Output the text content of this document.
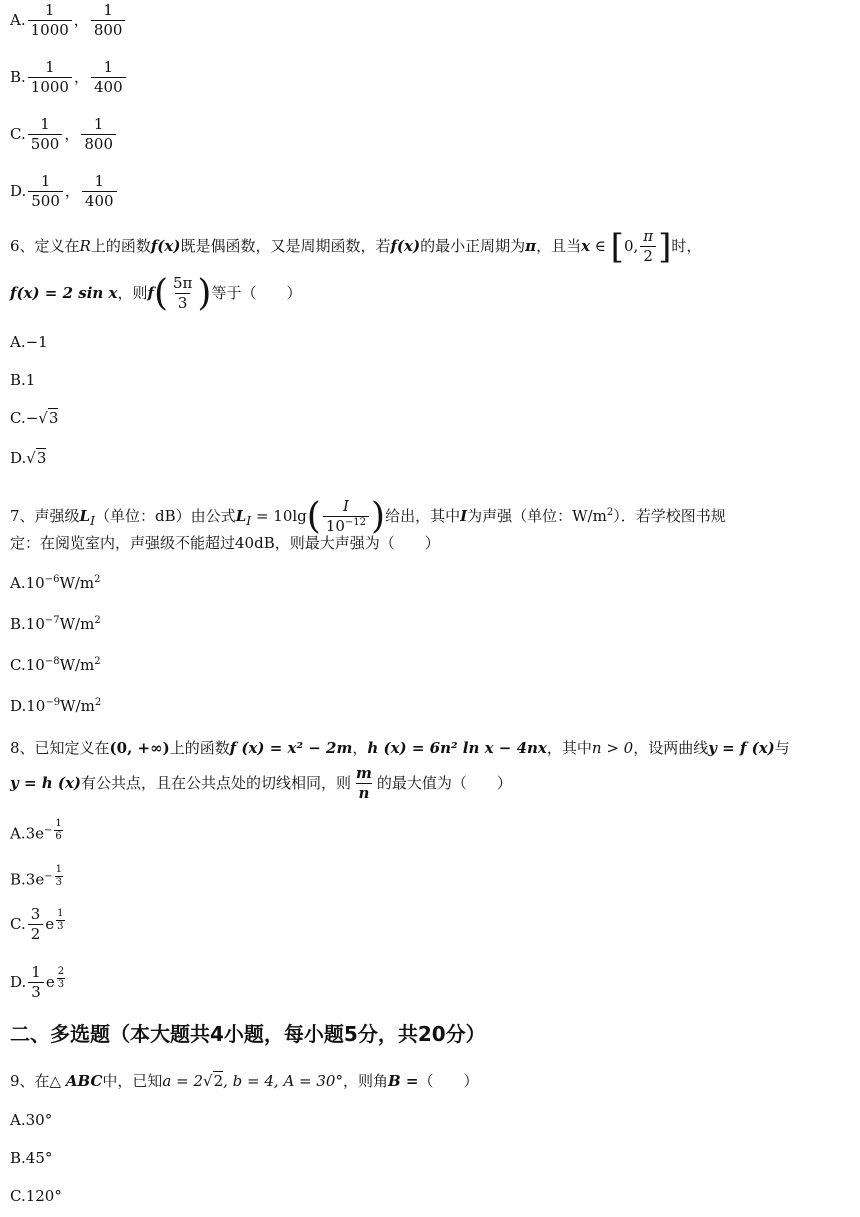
A. $\frac{1}{1000}$ ， $\frac{1}{800}$
B. $\frac{1}{1000}$ ， $\frac{1}{400}$
C. $\frac{1}{500}$ ， $\frac{1}{800}$
D. $\frac{1}{500}$ ， $\frac{1}{400}$
6、定义在R上的函数f(x)既是偶函数，又是周期函数，若f(x)的最小正周期为π，且当x ∈ [0, $\frac{\pi}{2}$ ]时，
f(x) = 2 sin x，则$f( \frac{5\pi}{3}$ )等于（　　）
A.−1
B.1
C.−√3
D.√3
7、声强级$L_I$（单位：dB）由公式$L_I = 10\lg( \frac{I}{10^{-12}}$ )给出，其中I为声强（单位：$W/m^2$）．若学校图书规
定：在阅览室内，声强级不能超过40dB，则最大声强为（　　）
$A.10^{-6}W/m^2$
$B.10^{-7}W/m^2$
$C.10^{-8}W/m^2$
$D.10^{-9}W/m^2$
8、已知定义在(0, +∞)上的函数f (x) = x² − 2m，h (x) = 6n² ln x − 4nx，其中n > 0，设两曲线y = f (x)与
y = h (x)有公共点，且在公共点处的切线相同，则 $\frac{m}{n}$ 的最大值为（　　）
$A.3e^{- \frac{1}{6}}$
$B.3e^{- \frac{1}{3}}$
C. $\frac{3}{2}$ e $^{\frac{1}{3}}$
D. $\frac{1}{3}$ e $^{\frac{2}{3}}$
二、多选题（本大题共4小题，每小题5分，共20分）
9、在△ ABC中，已知a = 2√2, b = 4, A = 30°，则角B =（　　）
A.30°
B.45°
C.120°
